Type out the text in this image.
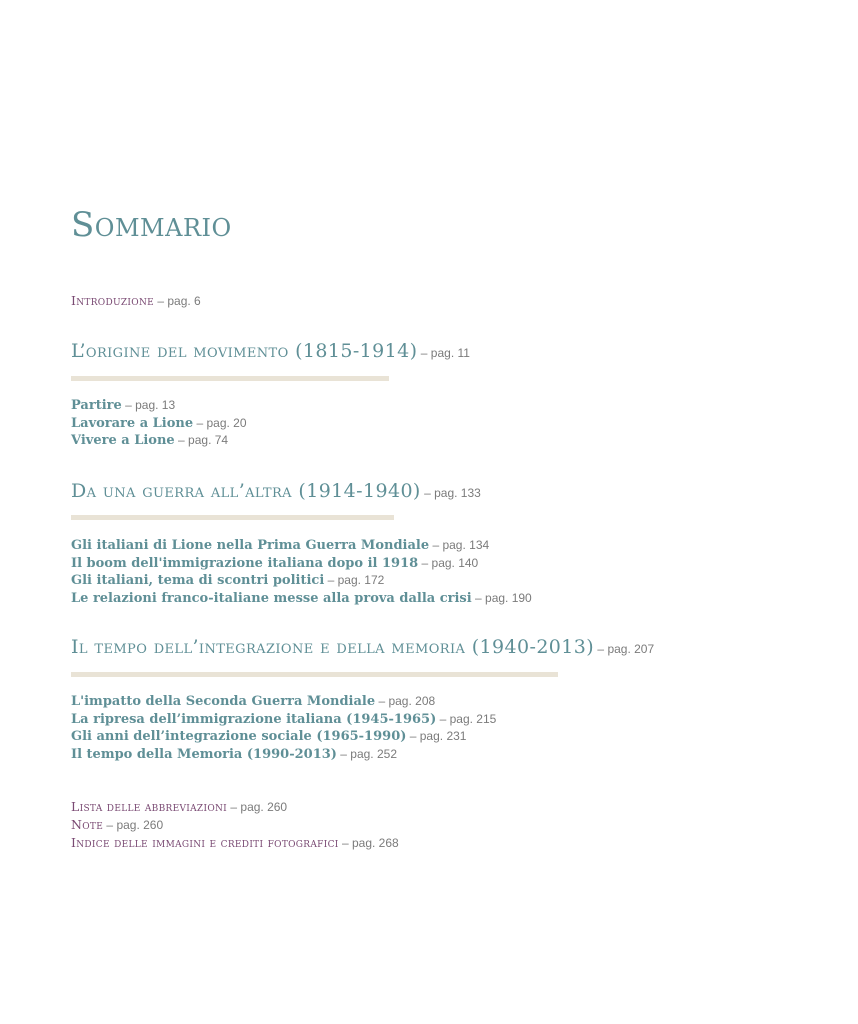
Sommario
Introduzione – pag. 6
L’origine del movimento (1815-1914) – pag. 11
Partire – pag. 13
Lavorare a Lione – pag. 20
Vivere a Lione – pag. 74
Da una guerra all’altra (1914-1940) – pag. 133
Gli italiani di Lione nella Prima Guerra Mondiale – pag. 134
Il boom dell'immigrazione italiana dopo il 1918 – pag. 140
Gli italiani, tema di scontri politici – pag. 172
Le relazioni franco-italiane messe alla prova dalla crisi – pag. 190
Il tempo dell’integrazione e della memoria (1940-2013) – pag. 207
L'impatto della Seconda Guerra Mondiale – pag. 208
La ripresa dell’immigrazione italiana (1945-1965) – pag. 215
Gli anni dell’integrazione sociale (1965-1990) – pag. 231
Il tempo della Memoria (1990-2013) – pag. 252
Lista delle abbreviazioni – pag. 260
Note – pag. 260
Indice delle immagini e crediti fotografici – pag. 268
